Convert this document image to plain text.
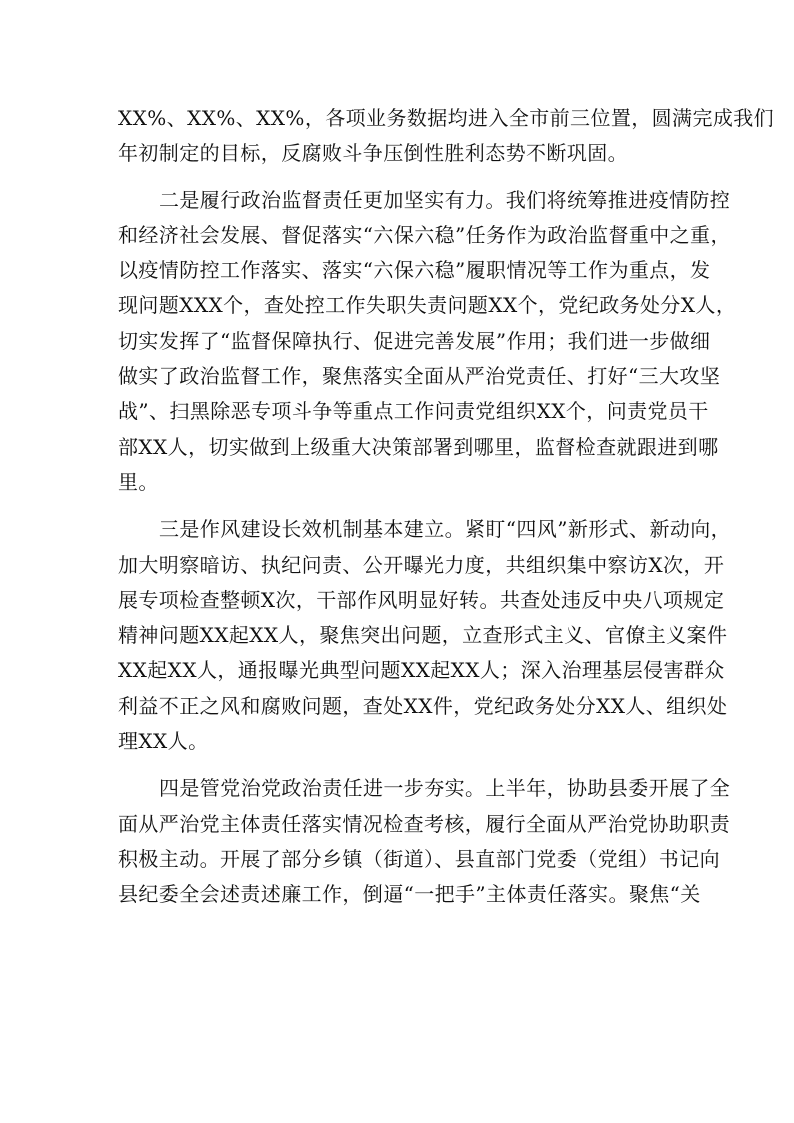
XX%、XX%、XX%，各项业务数据均进入全市前三位置，圆满完成我们
年初制定的目标，反腐败斗争压倒性胜利态势不断巩固。
二是履行政治监督责任更加坚实有力。我们将统筹推进疫情防控
和经济社会发展、督促落实“六保六稳”任务作为政治监督重中之重，
以疫情防控工作落实、落实“六保六稳”履职情况等工作为重点，发
现问题XXX个，查处控工作失职失责问题XX个，党纪政务处分X人，
切实发挥了“监督保障执行、促进完善发展”作用；我们进一步做细
做实了政治监督工作，聚焦落实全面从严治党责任、打好“三大攻坚
战”、扫黑除恶专项斗争等重点工作问责党组织XX个，问责党员干
部XX人，切实做到上级重大决策部署到哪里，监督检查就跟进到哪
里。
三是作风建设长效机制基本建立。紧盯“四风”新形式、新动向，
加大明察暗访、执纪问责、公开曝光力度，共组织集中察访X次，开
展专项检查整顿X次，干部作风明显好转。共查处违反中央八项规定
精神问题XX起XX人，聚焦突出问题，立查形式主义、官僚主义案件
XX起XX人，通报曝光典型问题XX起XX人；深入治理基层侵害群众
利益不正之风和腐败问题，查处XX件，党纪政务处分XX人、组织处
理XX人。
四是管党治党政治责任进一步夯实。上半年，协助县委开展了全
面从严治党主体责任落实情况检查考核，履行全面从严治党协助职责
积极主动。开展了部分乡镇（街道）、县直部门党委（党组）书记向
县纪委全会述责述廉工作，倒逼“一把手”主体责任落实。聚焦“关
